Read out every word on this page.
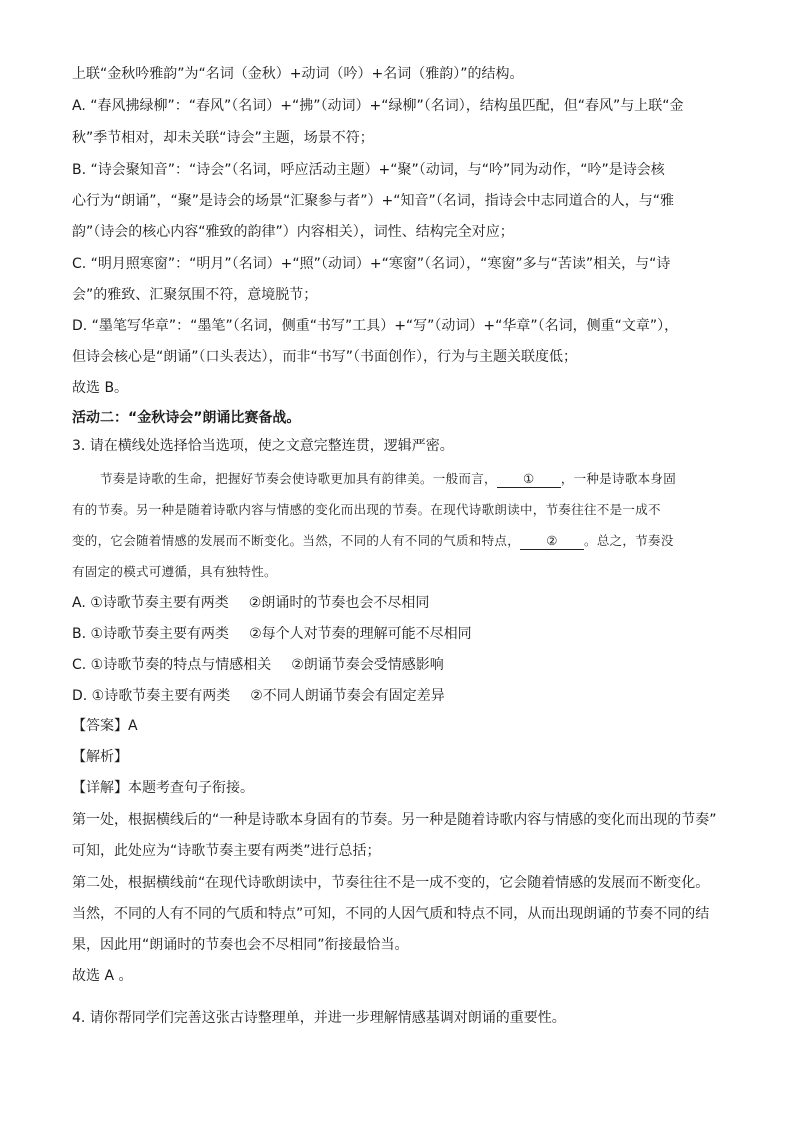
上联“金秋吟雅韵”为“名词（金秋）+动词（吟）+名词（雅韵）”的结构。
A. “春风拂绿柳”：“春风”（名词）+“拂”（动词）+“绿柳”（名词），结构虽匹配，但“春风”与上联“金
秋”季节相对，却未关联“诗会”主题，场景不符；
B. “诗会聚知音”：“诗会”（名词，呼应活动主题）+“聚”（动词，与“吟”同为动作，“吟”是诗会核
心行为“朗诵”，“聚”是诗会的场景“汇聚参与者”）+“知音”（名词，指诗会中志同道合的人，与“雅
韵”（诗会的核心内容“雅致的韵律”）内容相关），词性、结构完全对应；
C. “明月照寒窗”：“明月”（名词）+“照”（动词）+“寒窗”（名词），“寒窗”多与“苦读”相关，与“诗
会”的雅致、汇聚氛围不符，意境脱节；
D. “墨笔写华章”：“墨笔”（名词，侧重“书写”工具）+“写”（动词）+“华章”（名词，侧重“文章”），
但诗会核心是“朗诵”（口头表达），而非“书写”（书面创作），行为与主题关联度低；
故选 B。
活动二：“金秋诗会”朗诵比赛备战。
3. 请在横线处选择恰当选项，使之文意完整连贯，逻辑严密。
节奏是诗歌的生命，把握好节奏会使诗歌更加具有韵律美。一般而言， ① ，一种是诗歌本身固
有的节奏。另一种是随着诗歌内容与情感的变化而出现的节奏。在现代诗歌朗读中，节奏往往不是一成不
变的，它会随着情感的发展而不断变化。当然，不同的人有不同的气质和特点， ② 。总之，节奏没
有固定的模式可遵循，具有独特性。
A. ①诗歌节奏主要有两类 ②朗诵时的节奏也会不尽相同
B. ①诗歌节奏主要有两类 ②每个人对节奏的理解可能不尽相同
C. ①诗歌节奏的特点与情感相关 ②朗诵节奏会受情感影响
D. ①诗歌节奏主要有两类 ②不同人朗诵节奏会有固定差异
【答案】A
【解析】
【详解】本题考查句子衔接。
第一处，根据横线后的“一种是诗歌本身固有的节奏。另一种是随着诗歌内容与情感的变化而出现的节奏”
可知，此处应为“诗歌节奏主要有两类”进行总括；
第二处，根据横线前“在现代诗歌朗读中，节奏往往不是一成不变的，它会随着情感的发展而不断变化。
当然，不同的人有不同的气质和特点”可知，不同的人因气质和特点不同，从而出现朗诵的节奏不同的结
果，因此用“朗诵时的节奏也会不尽相同”衔接最恰当。
故选 A 。
4. 请你帮同学们完善这张古诗整理单，并进一步理解情感基调对朗诵的重要性。
